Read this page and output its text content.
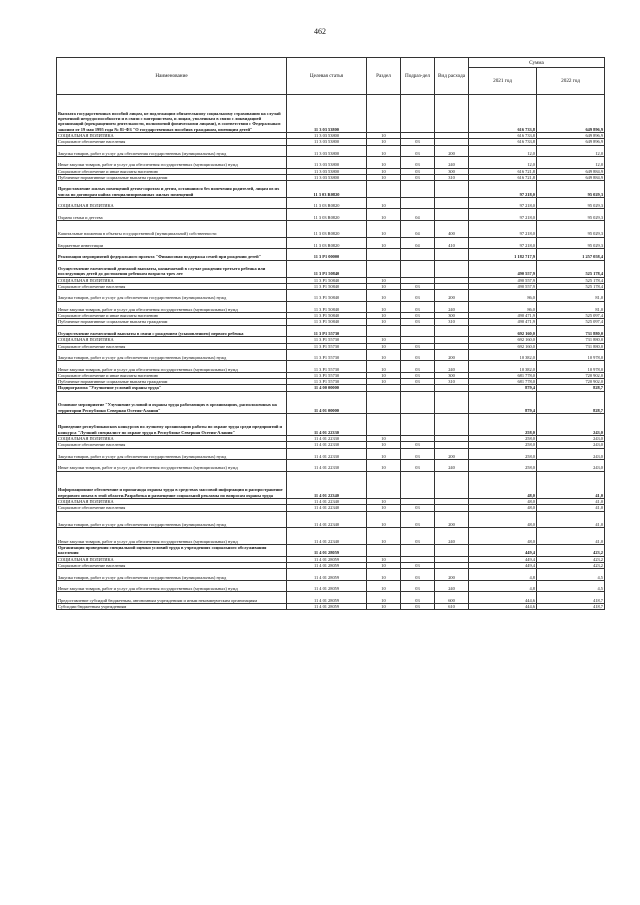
462
Наименование	Целевая статья	Раздел	Подраз-дел	Вид расхода	Сумма	
					2021 год	2022 год
Выплата государственных пособий лицам, не подлежащим обязательному социальному страхованию на случай временной нетрудоспособности и в связи с материнством, и лицам, уволенным в связи с ликвидацией организаций (прекращением деятельности, полномочий физическими лицами), в соответствии с Федеральным законом от 19 мая 1995 года № 81-ФЗ "О государственных пособиях гражданам, имеющим детей"	11 3 03 53800				616 733,8	649 896,9
СОЦИАЛЬНАЯ ПОЛИТИКА	11 3 03 53800	10			616 733,8	649 896,9
Социальное обеспечение населения	11 3 03 53800	10	03		616 733,8	649 896,9
Закупка товаров, работ и услуг для обеспечения государственных (муниципальных) нужд	11 3 03 53800	10	03	200	12,0	12,0
Иные закупки товаров, работ и услуг для обеспечения государственных (муниципальных) нужд	11 3 03 53800	10	03	240	12,0	12,0
Социальное обеспечение и иные выплаты населению	11 3 03 53800	10	03	300	616 721,8	649 884,9
Публичные нормативные социальные выплаты гражданам	11 3 03 53800	10	03	310	616 721,8	649 884,9
Предоставление жилых помещений детям-сиротам и детям, оставшимся без попечения родителей, лицам из их числа по договорам найма специализированных жилых помещений	11 3 03 R0820				97 218,0	95 029,3
СОЦИАЛЬНАЯ ПОЛИТИКА	11 3 03 R0820	10			97 218,0	95 029,3
Охрана семьи и детства	11 3 03 R0820	10	04		97 218,0	95 029,3
Капитальные вложения в объекты государственной (муниципальной) собственности	11 3 03 R0820	10	04	400	97 218,0	95 029,3
Бюджетные инвестиции	11 3 03 R0820	10	04	410	97 218,0	95 029,3
Реализация мероприятий федерального проекта "Финансовая поддержка семей при рождении детей"	11 3 P1 00000				1 182 717,9	1 257 058,4
Осуществление ежемесячной денежной выплаты, назначаемой в случае рождения третьего ребенка или последующих детей до достижения ребенком возраста трех лет	11 3 P1 50840				490 557,9	525 178,4
СОЦИАЛЬНАЯ ПОЛИТИКА	11 3 P1 50840	10			490 557,9	525 178,4
Социальное обеспечение населения	11 3 P1 50840	10	03		490 557,9	525 178,4
Закупка товаров, работ и услуг для обеспечения государственных (муниципальных) нужд	11 3 P1 50840	10	03	200	86,0	81,0
Иные закупки товаров, работ и услуг для обеспечения государственных (муниципальных) нужд	11 3 P1 50840	10	03	240	86,0	81,0
Социальное обеспечение и иные выплаты населению	11 3 P1 50840	10	03	300	490 471,9	525 097,4
Публичные нормативные социальные выплаты гражданам	11 3 P1 50840	10	03	310	490 471,9	525 097,4
Осуществление ежемесячной выплаты в связи с рождением (усыновлением) первого ребенка	11 3 P1 55730				692 160,0	731 880,0
СОЦИАЛЬНАЯ ПОЛИТИКА	11 3 P1 55730	10			692 160,0	731 880,0
Социальное обеспечение населения	11 3 P1 55730	10	03		692 160,0	731 880,0
Закупка товаров, работ и услуг для обеспечения государственных (муниципальных) нужд	11 3 P1 55730	10	03	200	10 382,0	10 978,0
Иные закупки товаров, работ и услуг для обеспечения государственных (муниципальных) нужд	11 3 P1 55730	10	03	240	10 382,0	10 978,0
Социальное обеспечение и иные выплаты населению	11 3 P1 55730	10	03	300	681 778,0	720 902,0
Публичные нормативные социальные выплаты гражданам	11 3 P1 55730	10	03	310	681 778,0	720 902,0
Подпрограмма "Улучшение условий охраны труда"	11 4 00 00000				879,4	828,7
Основное мероприятие "Улучшение условий и охраны труда работающих в организациях, расположенных на территории Республики Северная Осетия-Алания"	11 4 01 00000				879,4	828,7
Проведение республиканских конкурсов по лучшему организацию работы по охране труда среди предприятий и конкурса "Лучший специалист по охране труда в Республике Северная Осетия-Алания"	11 4 01 22330				258,0	243,0
СОЦИАЛЬНАЯ ПОЛИТИКА	11 4 01 22330	10			258,0	243,0
Социальное обеспечение населения	11 4 01 22330	10	03		258,0	243,0
Закупка товаров, работ и услуг для обеспечения государственных (муниципальных) нужд	11 4 01 22330	10	03	200	258,0	243,0
Иные закупки товаров, работ и услуг для обеспечения государственных (муниципальных) нужд	11 4 01 22330	10	03	240	258,0	243,0
Информационное обеспечение и пропаганда охраны труда в средствах массовой информации и распространение передового опыта в этой области.Разработка и размещение социальной рекламы по вопросам охраны труда	11 4 01 22340				48,0	41,0
СОЦИАЛЬНАЯ ПОЛИТИКА	11 4 01 22340	10			48,0	41,0
Социальное обеспечение населения	11 4 01 22340	10	03		48,0	41,0
Закупка товаров, работ и услуг для обеспечения государственных (муниципальных) нужд	11 4 01 22340	10	03	200	48,0	41,0
Иные закупки товаров, работ и услуг для обеспечения государственных (муниципальных) нужд	11 4 01 22340	10	03	240	48,0	41,0
Организация проведения специальной оценки условий труда в учреждениях социального обслуживания населения	11 4 01 28059				449,4	423,2
СОЦИАЛЬНАЯ ПОЛИТИКА	11 4 01 28059	10			449,4	423,2
Социальное обеспечение населения	11 4 01 28059	10	03		449,4	423,2
Закупка товаров, работ и услуг для обеспечения государственных (муниципальных) нужд	11 4 01 28059	10	03	200	4,8	4,5
Иные закупки товаров, работ и услуг для обеспечения государственных (муниципальных) нужд	11 4 01 28059	10	03	240	4,8	4,5
Предоставление субсидий бюджетным, автономным учреждениям и иным некоммерческим организациям	11 4 01 28059	10	03	600	444,6	418,7
Субсидии бюджетным учреждениям	11 4 01 28059	10	03	610	444,6	418,7
